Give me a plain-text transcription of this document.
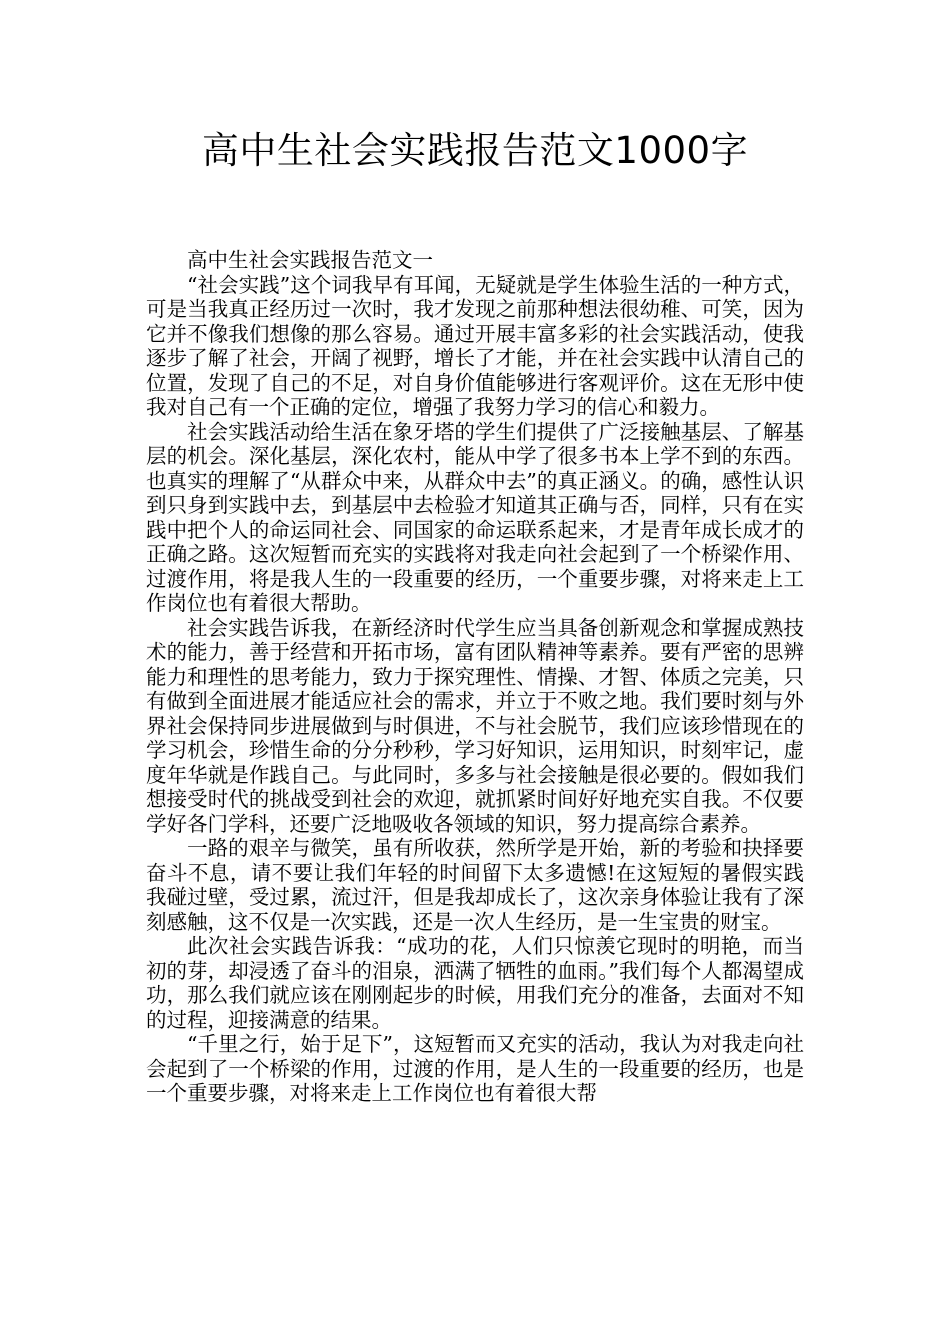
高中生社会实践报告范文1000字

高中生社会实践报告范文一

“社会实践”这个词我早有耳闻，无疑就是学生体验生活的一种方式，可是当我真正经历过一次时，我才发现之前那种想法很幼稚、可笑，因为它并不像我们想像的那么容易。通过开展丰富多彩的社会实践活动，使我逐步了解了社会，开阔了视野，增长了才能，并在社会实践中认清自己的位置，发现了自己的不足，对自身价值能够进行客观评价。这在无形中使我对自己有一个正确的定位，增强了我努力学习的信心和毅力。

社会实践活动给生活在象牙塔的学生们提供了广泛接触基层、了解基层的机会。深化基层，深化农村，能从中学了很多书本上学不到的东西。也真实的理解了“从群众中来，从群众中去”的真正涵义。的确，感性认识到只身到实践中去，到基层中去检验才知道其正确与否，同样，只有在实践中把个人的命运同社会、同国家的命运联系起来，才是青年成长成才的正确之路。这次短暂而充实的实践将对我走向社会起到了一个桥梁作用、过渡作用，将是我人生的一段重要的经历，一个重要步骤，对将来走上工作岗位也有着很大帮助。

社会实践告诉我，在新经济时代学生应当具备创新观念和掌握成熟技术的能力，善于经营和开拓市场，富有团队精神等素养。要有严密的思辨能力和理性的思考能力，致力于探究理性、情操、才智、体质之完美，只有做到全面进展才能适应社会的需求，并立于不败之地。我们要时刻与外界社会保持同步进展做到与时俱进，不与社会脱节，我们应该珍惜现在的学习机会，珍惜生命的分分秒秒，学习好知识，运用知识，时刻牢记，虚度年华就是作践自己。与此同时，多多与社会接触是很必要的。假如我们想接受时代的挑战受到社会的欢迎，就抓紧时间好好地充实自我。不仅要学好各门学科，还要广泛地吸收各领域的知识，努力提高综合素养。

一路的艰辛与微笑，虽有所收获，然所学是开始，新的考验和抉择要奋斗不息，请不要让我们年轻的时间留下太多遗憾!在这短短的暑假实践我碰过壁，受过累，流过汗，但是我却成长了，这次亲身体验让我有了深刻感触，这不仅是一次实践，还是一次人生经历，是一生宝贵的财宝。

此次社会实践告诉我：“成功的花，人们只惊羡它现时的明艳，而当初的芽，却浸透了奋斗的泪泉，洒满了牺牲的血雨。”我们每个人都渴望成功，那么我们就应该在刚刚起步的时候，用我们充分的准备，去面对不知的过程，迎接满意的结果。

“千里之行，始于足下”，这短暂而又充实的活动，我认为对我走向社会起到了一个桥梁的作用，过渡的作用，是人生的一段重要的经历，也是一个重要步骤，对将来走上工作岗位也有着很大帮
